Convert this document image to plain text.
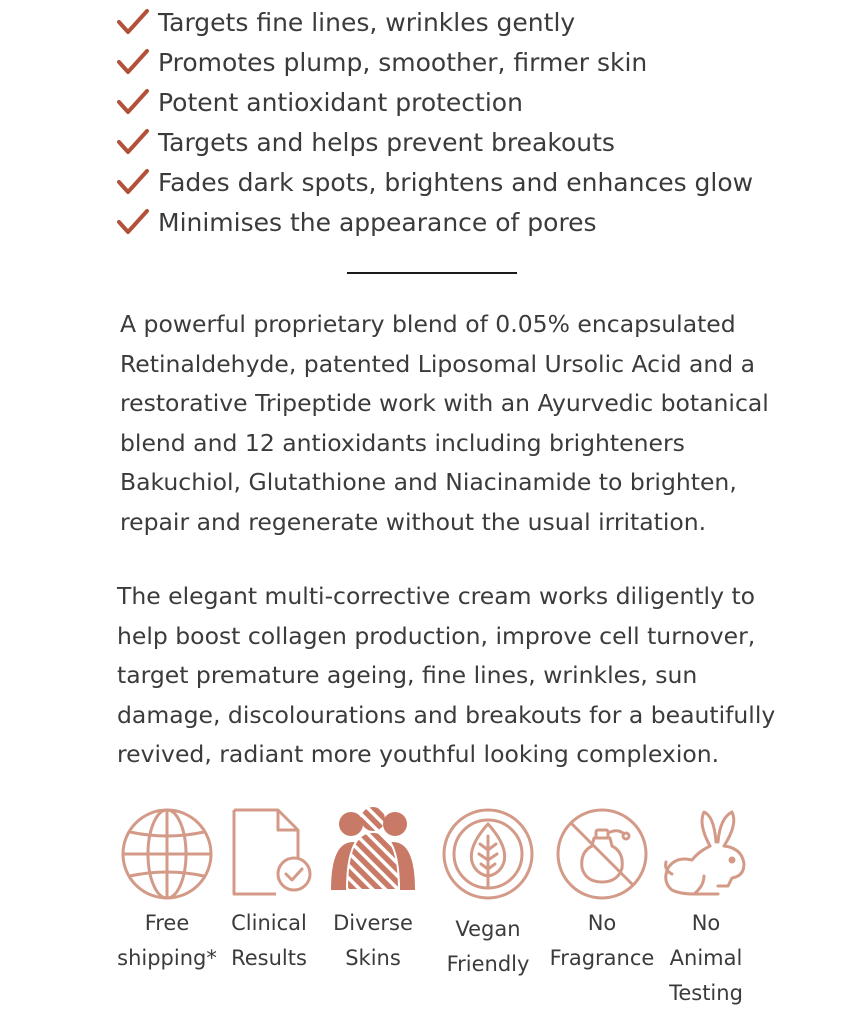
Targets fine lines, wrinkles gently
Promotes plump, smoother, firmer skin
Potent antioxidant protection
Targets and helps prevent breakouts
Fades dark spots, brightens and enhances glow
Minimises the appearance of pores

A powerful proprietary blend of 0.05% encapsulated
Retinaldehyde, patented Liposomal Ursolic Acid and a
restorative Tripeptide work with an Ayurvedic botanical
blend and 12 antioxidants including brighteners
Bakuchiol, Glutathione and Niacinamide to brighten,
repair and regenerate without the usual irritation.

The elegant multi-corrective cream works diligently to
help boost collagen production, improve cell turnover,
target premature ageing, fine lines, wrinkles, sun
damage, discolourations and breakouts for a beautifully
revived, radiant more youthful looking complexion.

Free
shipping*
Clinical
Results
Diverse
Skins
Vegan
Friendly
No
Fragrance
No
Animal
Testing
